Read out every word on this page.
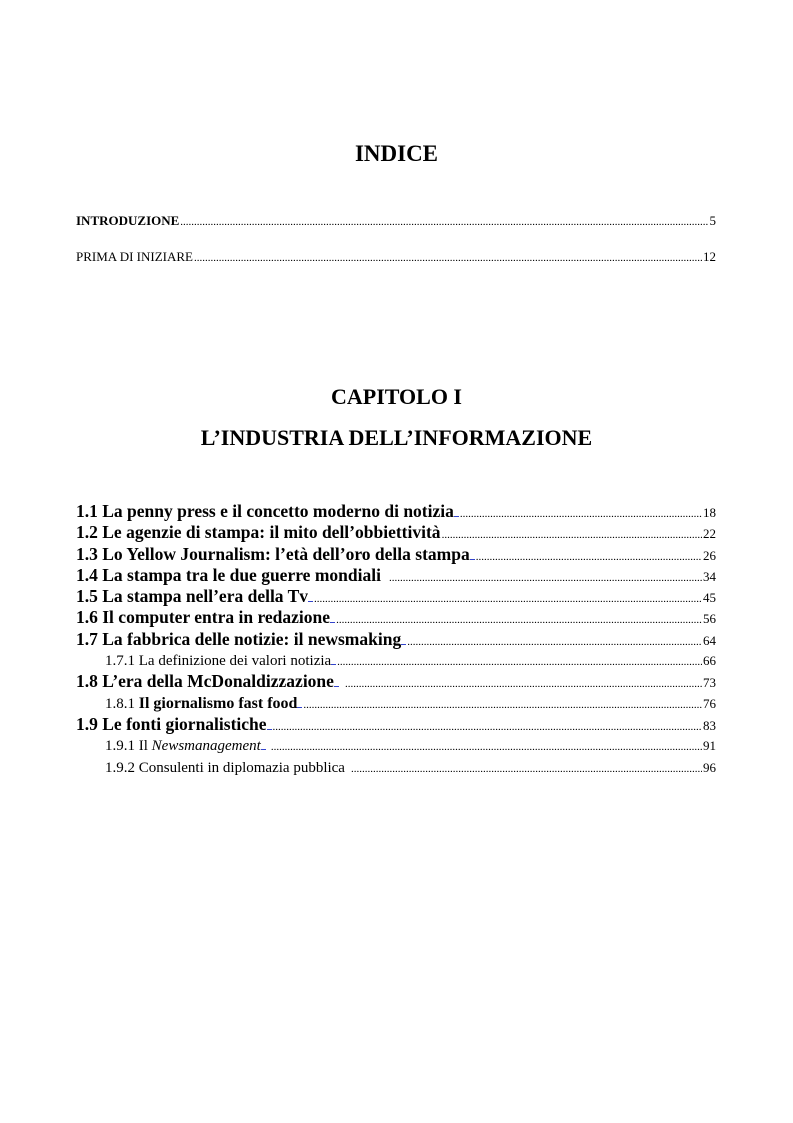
INDICE
INTRODUZIONE .....	5
PRIMA DI INIZIARE .....	12
CAPITOLO I
L’INDUSTRIA DELL’INFORMAZIONE
1.1 La penny press e il concetto moderno di notizia .....	18
1.2 Le agenzie di stampa: il mito dell’obbiettività .....	22
1.3 Lo Yellow Journalism: l’età dell’oro della stampa .....	26
1.4 La stampa tra le due guerre mondiali .....	34
1.5 La stampa nell’era della Tv .....	45
1.6 Il computer entra in redazione .....	56
1.7 La fabbrica delle notizie: il newsmaking .....	64
1.7.1 La definizione dei valori notizia .....	66
1.8 L’era della McDonaldizzazione .....	73
1.8.1 Il giornalismo fast food .....	76
1.9 Le fonti giornalistiche .....	83
1.9.1 Il Newsmanagement .....	91
1.9.2 Consulenti in diplomazia pubblica .....	96
